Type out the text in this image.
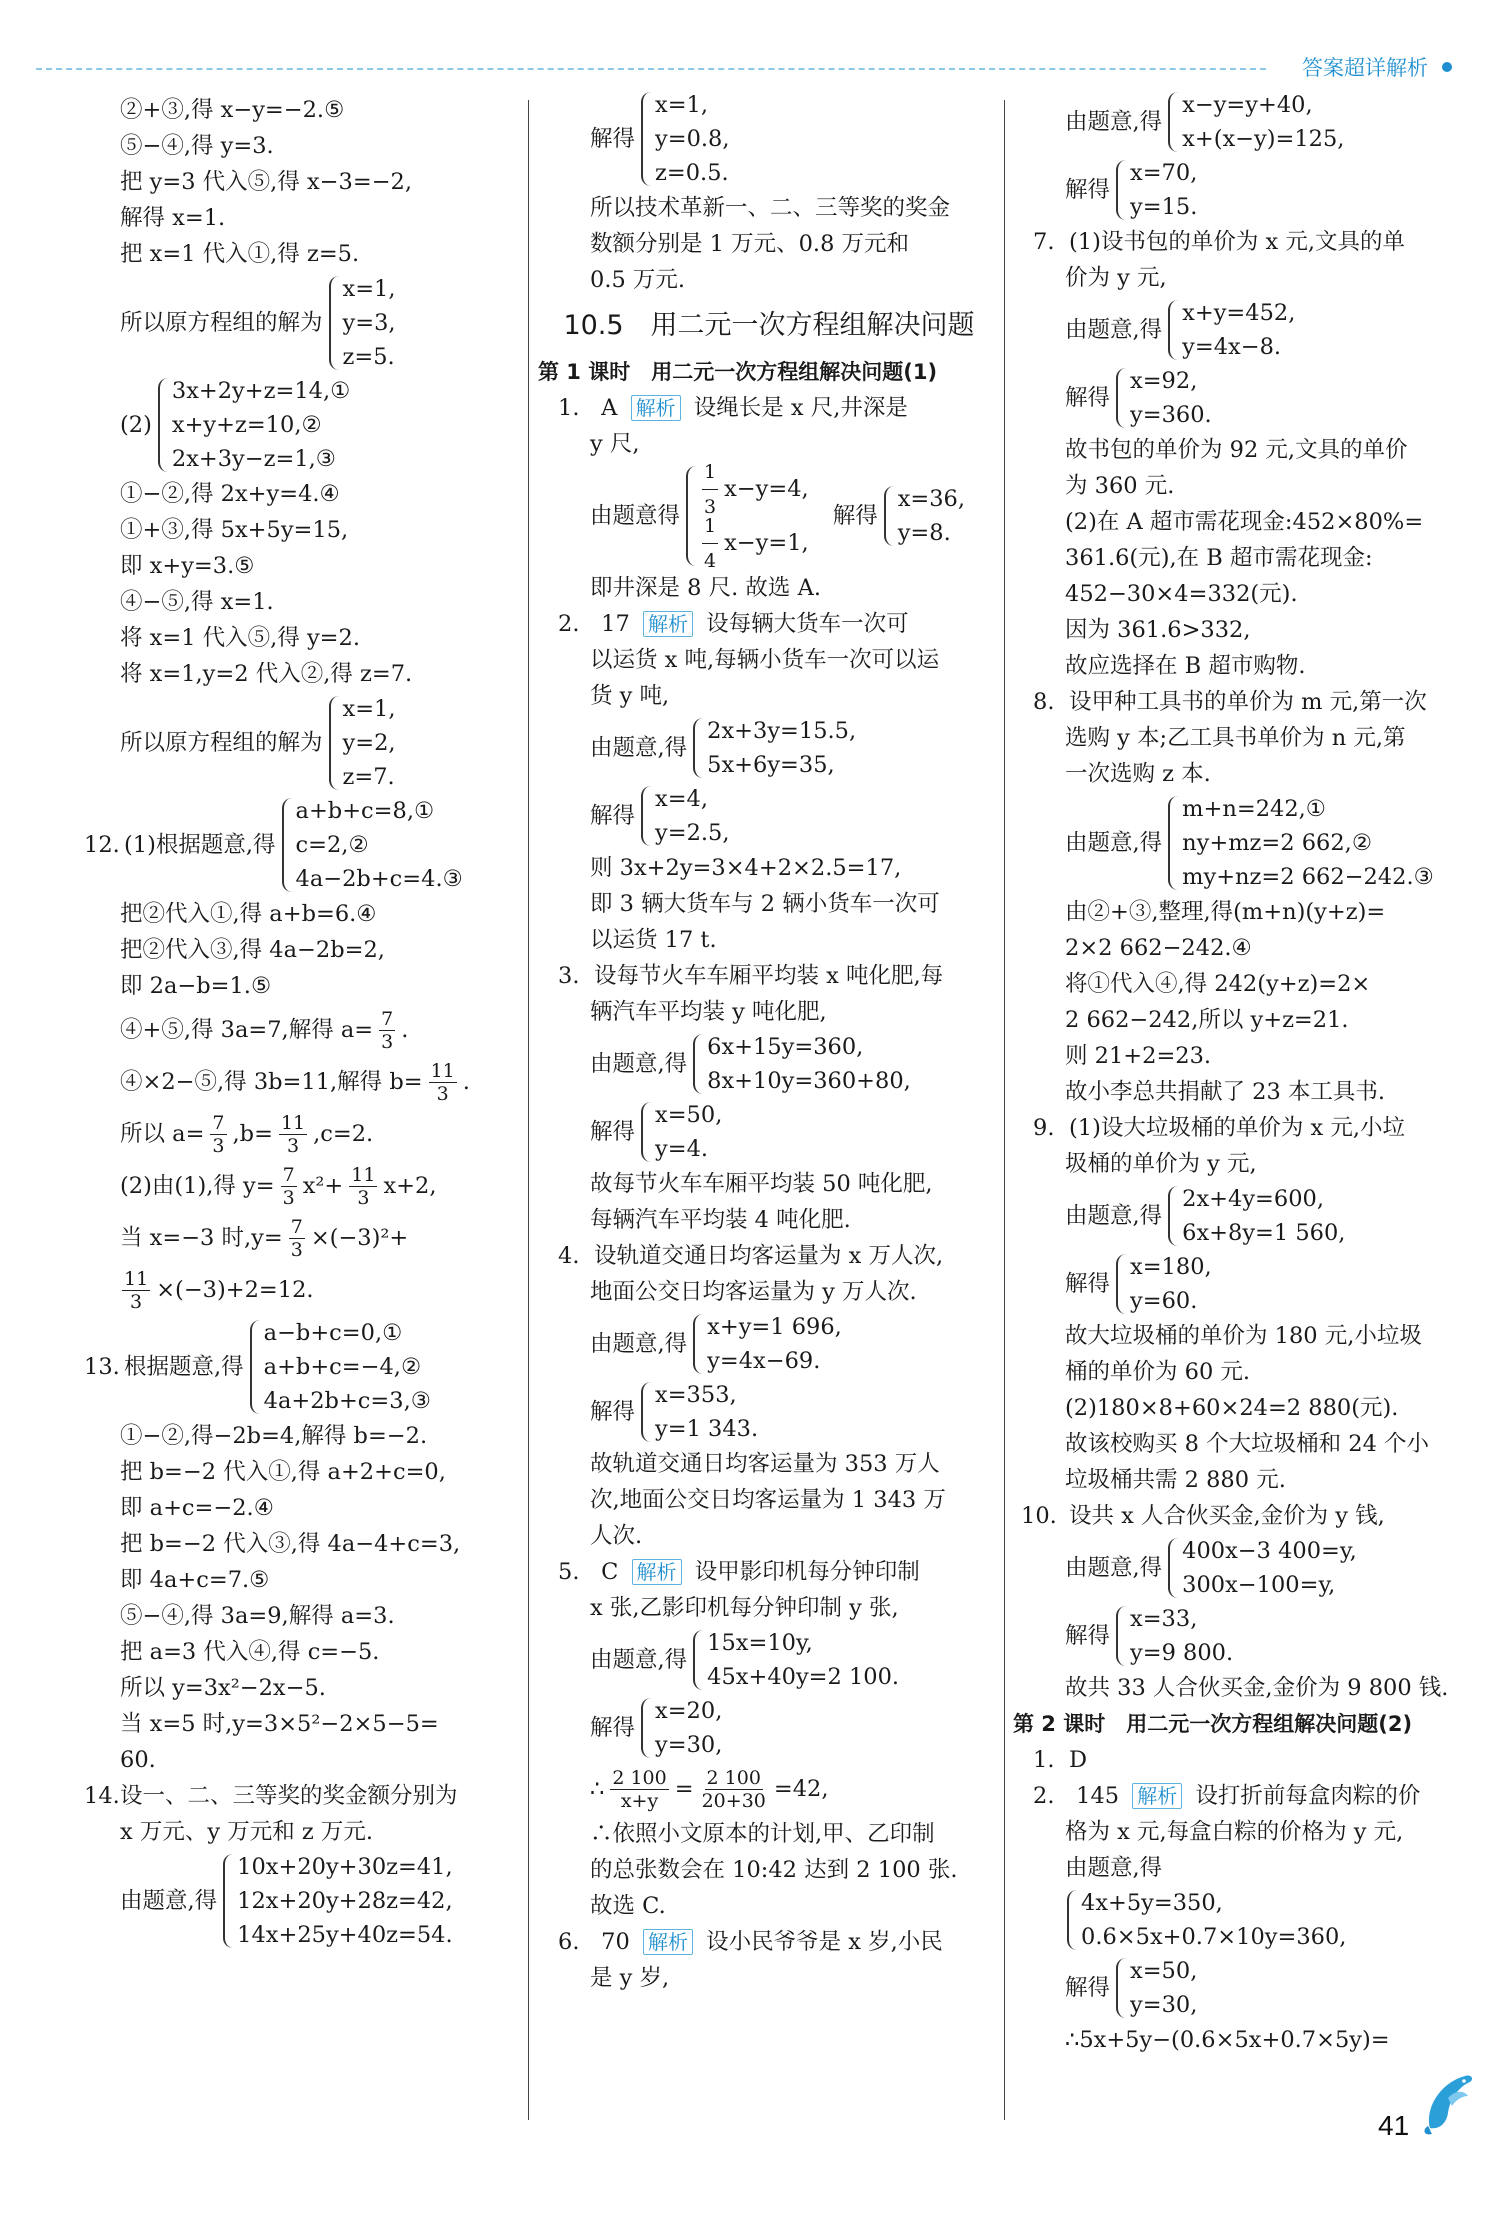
答案超详解析
②+③,得 x−y=−2.⑤
⑤−④,得 y=3.
把 y=3 代入⑤,得 x−3=−2,
解得 x=1.
把 x=1 代入①,得 z=5.
所以原方程组的解为
x=1,
y=3,
z=5.
(2)
3x+2y+z=14,①
x+y+z=10,②
2x+3y−z=1,③
①−②,得 2x+y=4.④
①+③,得 5x+5y=15,
即 x+y=3.⑤
④−⑤,得 x=1.
将 x=1 代入⑤,得 y=2.
将 x=1,y=2 代入②,得 z=7.
所以原方程组的解为
x=1,
y=2,
z=7.
12. (1)根据题意,得
a+b+c=8,①
c=2,②
4a−2b+c=4.③
把②代入①,得 a+b=6.④
把②代入③,得 4a−2b=2,
即 2a−b=1.⑤
④+⑤,得 3a=7,解得 $a= \frac{7}{3}$ .
④×2−⑤,得 3b=11,解得 $b= \frac{11}{3}$ .
所以 $a= \frac{7}{3} ,b= \frac{11}{3} ,c=2$.
(2)由(1),得 $y= \frac{7}{3} x^2+ \frac{11}{3} x+2$,
当 x=−3 时$,y= \frac{7}{3} \times(-3)^2+$
$\frac{11}{3} \times(-3)+2=12$.
13. 根据题意,得
a−b+c=0,①
a+b+c=−4,②
4a+2b+c=3,③
①−②,得−2b=4,解得 b=−2.
把 b=−2 代入①,得 a+2+c=0,
即 a+c=−2.④
把 b=−2 代入③,得 4a−4+c=3,
即 4a+c=7.⑤
⑤−④,得 3a=9,解得 a=3.
把 a=3 代入④,得 c=−5.
所以 y=3x²−2x−5.
当 x=5 时,y=3×5²−2×5−5=
60.
14.设一、二、三等奖的奖金额分别为
x 万元、y 万元和 z 万元.
由题意,得
10x+20y+30z=41,
12x+20y+28z=42,
14x+25y+40z=54.
解得
x=1,
y=0.8,
z=0.5.
所以技术革新一、二、三等奖的奖金
数额分别是 1 万元、0.8 万元和
0.5 万元.
10.5　用二元一次方程组解决问题
第 1 课时　用二元一次方程组解决问题(1)
1. A 解析 设绳长是 x 尺,井深是
y 尺,
由题意得 $\frac{1}{3} x-y=4$,
$\frac{1}{4} x-y=1$,
解得
x=36,
y=8.
即井深是 8 尺. 故选 A.
2. 17 解析 设每辆大货车一次可
以运货 x 吨,每辆小货车一次可以运
货 y 吨,
由题意,得
2x+3y=15.5,
5x+6y=35,
解得
x=4,
y=2.5,
则 3x+2y=3×4+2×2.5=17,
即 3 辆大货车与 2 辆小货车一次可
以运货 17 t.
3. 设每节火车车厢平均装 x 吨化肥,每
辆汽车平均装 y 吨化肥,
由题意,得
6x+15y=360,
8x+10y=360+80,
解得
x=50,
y=4.
故每节火车车厢平均装 50 吨化肥,
每辆汽车平均装 4 吨化肥.
4. 设轨道交通日均客运量为 x 万人次,
地面公交日均客运量为 y 万人次.
由题意,得
x+y=1 696,
y=4x−69.
解得
x=353,
y=1 343.
故轨道交通日均客运量为 353 万人
次,地面公交日均客运量为 1 343 万
人次.
5. C 解析 设甲影印机每分钟印制
x 张,乙影印机每分钟印制 y 张,
由题意,得
15x=10y,
45x+40y=2 100.
解得
x=20,
y=30,
∴ $\frac{2 100}{x+y} = \frac{2 100}{20+30} =42$,
∴依照小文原本的计划,甲、乙印制
的总张数会在 10:42 达到 2 100 张.
故选 C.
6. 70 解析 设小民爷爷是 x 岁,小民
是 y 岁,
由题意,得
x−y=y+40,
x+(x−y)=125,
解得
x=70,
y=15.
7. (1)设书包的单价为 x 元,文具的单
价为 y 元,
由题意,得
x+y=452,
y=4x−8.
解得
x=92,
y=360.
故书包的单价为 92 元,文具的单价
为 360 元.
(2)在 A 超市需花现金:452×80%=
361.6(元),在 B 超市需花现金:
452−30×4=332(元).
因为 361.6>332,
故应选择在 B 超市购物.
8. 设甲种工具书的单价为 m 元,第一次
选购 y 本;乙工具书单价为 n 元,第
一次选购 z 本.
由题意,得
m+n=242,①
ny+mz=2 662,②
my+nz=2 662−242.③
由②+③,整理,得(m+n)(y+z)=
2×2 662−242.④
将①代入④,得 242(y+z)=2×
2 662−242,所以 y+z=21.
则 21+2=23.
故小李总共捐献了 23 本工具书.
9. (1)设大垃圾桶的单价为 x 元,小垃
圾桶的单价为 y 元,
由题意,得
2x+4y=600,
6x+8y=1 560,
解得
x=180,
y=60.
故大垃圾桶的单价为 180 元,小垃圾
桶的单价为 60 元.
(2)180×8+60×24=2 880(元).
故该校购买 8 个大垃圾桶和 24 个小
垃圾桶共需 2 880 元.
10. 设共 x 人合伙买金,金价为 y 钱,
由题意,得
400x−3 400=y,
300x−100=y,
解得
x=33,
y=9 800.
故共 33 人合伙买金,金价为 9 800 钱.
第 2 课时　用二元一次方程组解决问题(2)
1. D
2. 145 解析 设打折前每盒肉粽的价
格为 x 元,每盒白粽的价格为 y 元,
由题意,得
4x+5y=350,
0.6×5x+0.7×10y=360,
解得
x=50,
y=30,
∴5x+5y−(0.6×5x+0.7×5y)=
41
